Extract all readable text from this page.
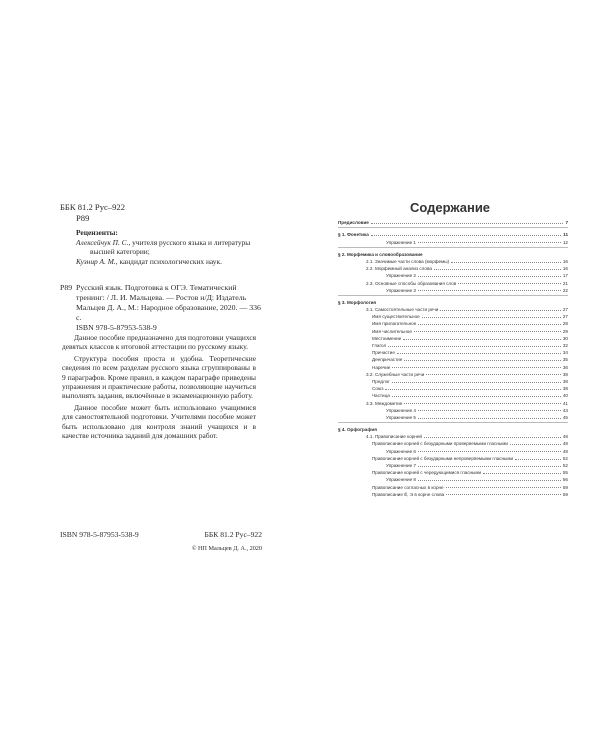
ББК 81.2 Рус–922
Р89
Рецензенты:
Алексейчук П. С., учителя русского языка и литературы
высшей категории;
Кузнир А. М., кандидат психологических наук.
Р89 Русский язык. Подготовка к ОГЭ. Тематический тренинг: / Л. И. Мальцева. — Ростов н/Д: Издатель Мальцев Д. А., М.: Народное образование, 2020. — 336 с.
ISBN 978-5-87953-538-9

Данное пособие предназначено для подготовки учащихся девятых классов к итоговой аттестации по русскому языку.

Структура пособия проста и удобна. Теоретические сведения по всем разделам русского языка сгруппированы в 9 параграфов. Кроме правил, в каждом параграфе приведены упражнения и практические работы, позволяющие научиться выполнять задания, включённые в экзаменационную работу.

Данное пособие может быть использовано учащимися для самостоятельной подготовки. Учителями пособие может быть использовано для контроля знаний учащихся и в качестве источника заданий для домашних работ.

ISBN 978-5-87953-538-9	ББК 81.2 Рус–922
© НП Мальцев Д. А., 2020
Содержание
Предисловие	7
§ 1. Фонетика	11
Упражнение 1	12
§ 2. Морфемика и словообразование
2.1. Значимые части слова (морфемы)	16
2.2. Морфемный анализ слова	16
Упражнение 2	17
2.3. Основные способы образования слов	21
Упражнение 3	22
§ 3. Морфология
3.1. Самостоятельные части речи	27
Имя существительное	27
Имя прилагательное	28
Имя числительное	29
Местоимение	30
Глагол	32
Причастие	34
Деепричастие	35
Наречие	36
3.2. Служебные части речи	38
Предлог	38
Союз	38
Частица	40
3.3. Междометие	41
Упражнение 4	43
Упражнение 5	45
§ 4. Орфография
4.1. Правописание корней	48
Правописание корней с безударными проверяемыми гласными	48
Упражнение 6	48
Правописание корней с безударными непроверяемыми гласными	52
Упражнение 7	52
Правописание корней с чередующимися гласными	55
Упражнение 8	56
Правописание согласных в корне	59
Правописание Ё, Э в корне слова	59
